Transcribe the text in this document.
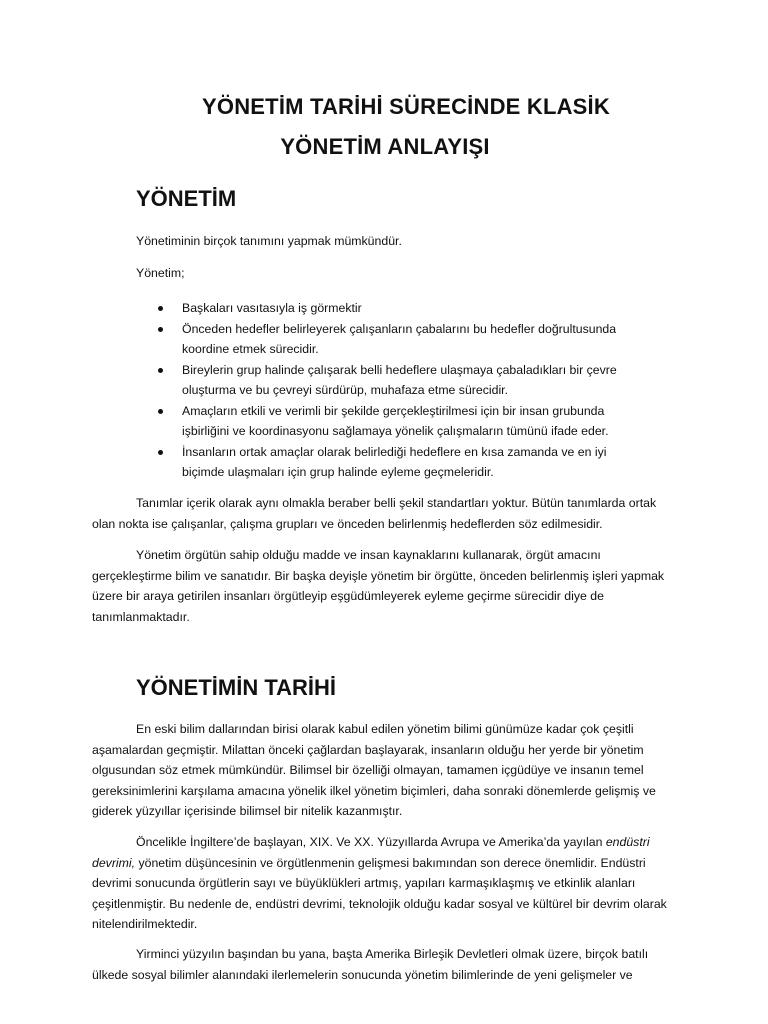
YÖNETİM TARİHİ SÜRECİNDE KLASİK
YÖNETİM ANLAYIŞI
YÖNETİM

Yönetiminin birçok tanımını yapmak mümkündür.

Yönetim;

Başkaları vasıtasıyla iş görmektir
Önceden hedefler belirleyerek çalışanların çabalarını bu hedefler doğrultusunda
koordine etmek sürecidir.
Bireylerin grup halinde çalışarak belli hedeflere ulaşmaya çabaladıkları bir çevre
oluşturma ve bu çevreyi sürdürüp, muhafaza etme sürecidir.
Amaçların etkili ve verimli bir şekilde gerçekleştirilmesi için bir insan grubunda
işbirliğini ve koordinasyonu sağlamaya yönelik çalışmaların tümünü ifade eder.
İnsanların ortak amaçlar olarak belirlediği hedeflere en kısa zamanda ve en iyi
biçimde ulaşmaları için grup halinde eyleme geçmeleridir.

Tanımlar içerik olarak aynı olmakla beraber belli şekil standartları yoktur. Bütün tanımlarda ortak olan nokta ise çalışanlar, çalışma grupları ve önceden belirlenmiş hedeflerden söz edilmesidir.

Yönetim örgütün sahip olduğu madde ve insan kaynaklarını kullanarak, örgüt amacını gerçekleştirme bilim ve sanatıdır. Bir başka deyişle yönetim bir örgütte, önceden belirlenmiş işleri yapmak üzere bir araya getirilen insanları örgütleyip eşgüdümleyerek eyleme geçirme sürecidir diye de tanımlanmaktadır.

YÖNETİMİN TARİHİ

En eski bilim dallarından birisi olarak kabul edilen yönetim bilimi günümüze kadar çok çeşitli aşamalardan geçmiştir. Milattan önceki çağlardan başlayarak, insanların olduğu her yerde bir yönetim olgusundan söz etmek mümkündür. Bilimsel bir özelliği olmayan, tamamen içgüdüye ve insanın temel gereksinimlerini karşılama amacına yönelik ilkel yönetim biçimleri, daha sonraki dönemlerde gelişmiş ve giderek yüzyıllar içerisinde bilimsel bir nitelik kazanmıştır.

Öncelikle İngiltere’de başlayan, XIX. Ve XX. Yüzyıllarda Avrupa ve Amerika’da yayılan endüstri devrimi, yönetim düşüncesinin ve örgütlenmenin gelişmesi bakımından son derece önemlidir. Endüstri devrimi sonucunda örgütlerin sayı ve büyüklükleri artmış, yapıları karmaşıklaşmış ve etkinlik alanları çeşitlenmiştir. Bu nedenle de, endüstri devrimi, teknolojik olduğu kadar sosyal ve kültürel bir devrim olarak nitelendirilmektedir.

Yirminci yüzyılın başından bu yana, başta Amerika Birleşik Devletleri olmak üzere, birçok batılı ülkede sosyal bilimler alanındaki ilerlemelerin sonucunda yönetim bilimlerinde de yeni gelişmeler ve
